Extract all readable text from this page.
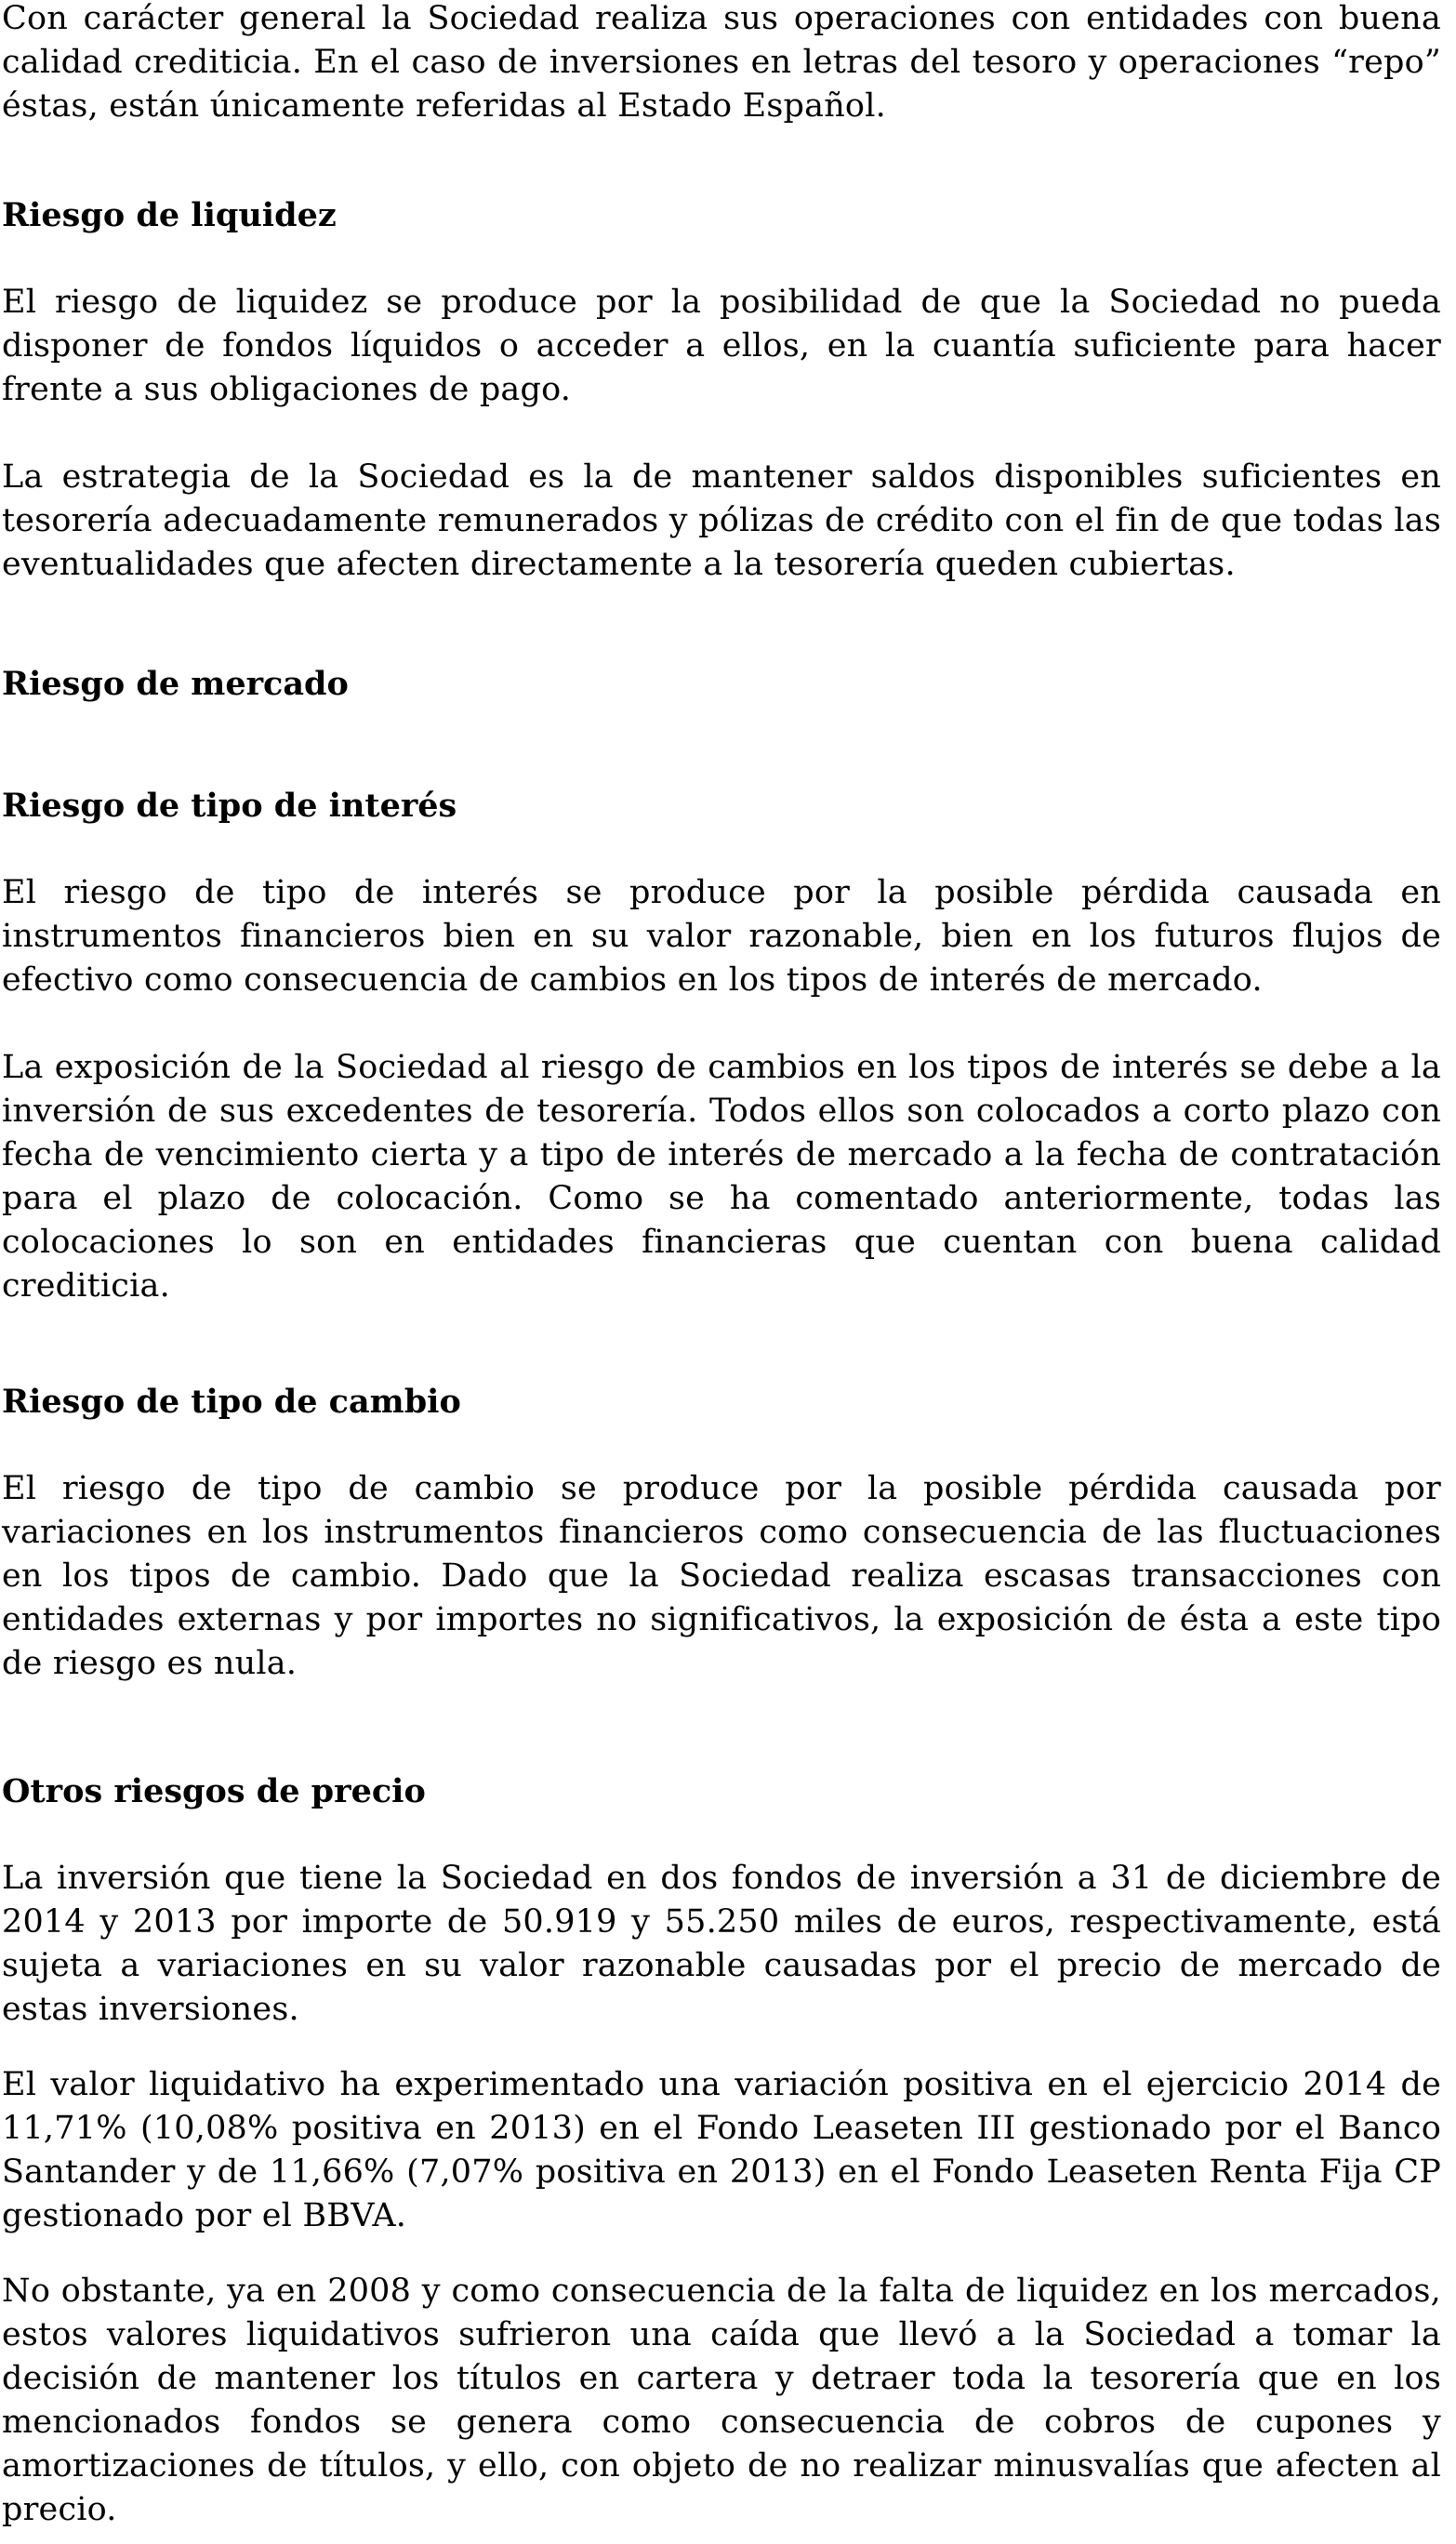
Con carácter general la Sociedad realiza sus operaciones con entidades con buena calidad crediticia. En el caso de inversiones en letras del tesoro y operaciones “repo” éstas, están únicamente referidas al Estado Español.

Riesgo de liquidez

El riesgo de liquidez se produce por la posibilidad de que la Sociedad no pueda disponer de fondos líquidos o acceder a ellos, en la cuantía suficiente para hacer frente a sus obligaciones de pago.

La estrategia de la Sociedad es la de mantener saldos disponibles suficientes en tesorería adecuadamente remunerados y pólizas de crédito con el fin de que todas las eventualidades que afecten directamente a la tesorería queden cubiertas.

Riesgo de mercado
Riesgo de tipo de interés

El riesgo de tipo de interés se produce por la posible pérdida causada en instrumentos financieros bien en su valor razonable, bien en los futuros flujos de efectivo como consecuencia de cambios en los tipos de interés de mercado.

La exposición de la Sociedad al riesgo de cambios en los tipos de interés se debe a la inversión de sus excedentes de tesorería. Todos ellos son colocados a corto plazo con fecha de vencimiento cierta y a tipo de interés de mercado a la fecha de contratación para el plazo de colocación. Como se ha comentado anteriormente, todas las colocaciones lo son en entidades financieras que cuentan con buena calidad crediticia.

Riesgo de tipo de cambio

El riesgo de tipo de cambio se produce por la posible pérdida causada por variaciones en los instrumentos financieros como consecuencia de las fluctuaciones en los tipos de cambio. Dado que la Sociedad realiza escasas transacciones con entidades externas y por importes no significativos, la exposición de ésta a este tipo de riesgo es nula.

Otros riesgos de precio

La inversión que tiene la Sociedad en dos fondos de inversión a 31 de diciembre de 2014 y 2013 por importe de 50.919 y 55.250 miles de euros, respectivamente, está sujeta a variaciones en su valor razonable causadas por el precio de mercado de estas inversiones.

El valor liquidativo ha experimentado una variación positiva en el ejercicio 2014 de 11,71% (10,08% positiva en 2013) en el Fondo Leaseten III gestionado por el Banco Santander y de 11,66% (7,07% positiva en 2013) en el Fondo Leaseten Renta Fija CP gestionado por el BBVA.

No obstante, ya en 2008 y como consecuencia de la falta de liquidez en los mercados, estos valores liquidativos sufrieron una caída que llevó a la Sociedad a tomar la decisión de mantener los títulos en cartera y detraer toda la tesorería que en los mencionados fondos se genera como consecuencia de cobros de cupones y amortizaciones de títulos, y ello, con objeto de no realizar minusvalías que afecten al precio.
